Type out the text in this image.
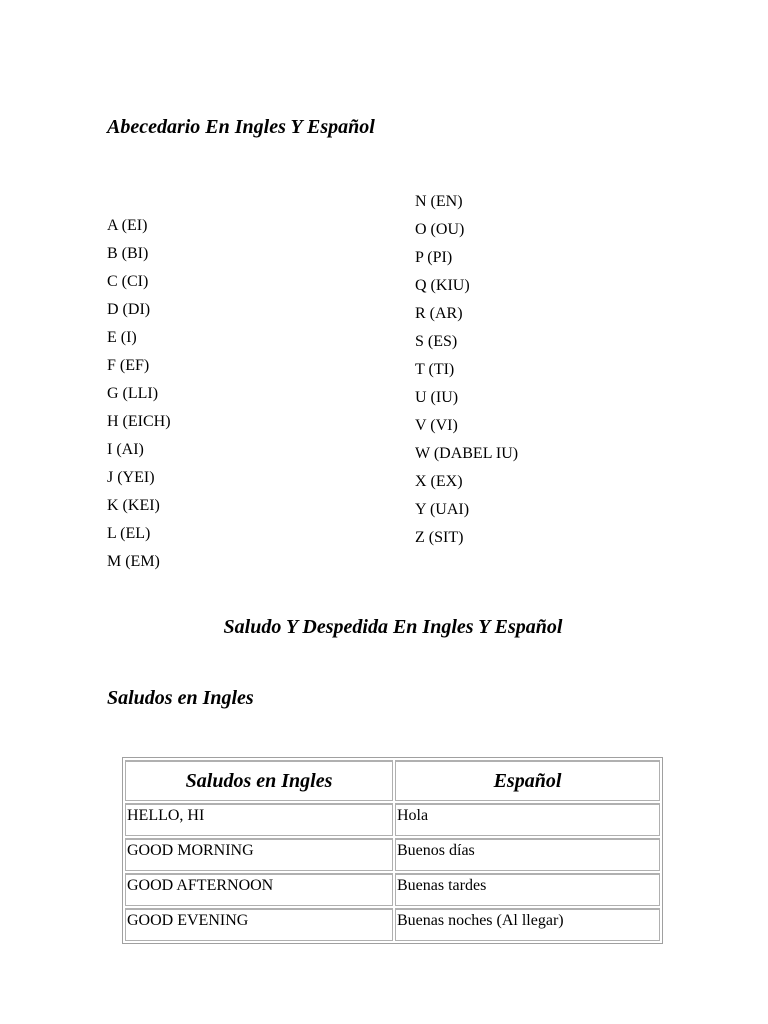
Abecedario En Ingles Y Español
A (EI)
B (BI)
C (CI)
D (DI)
E (I)
F (EF)
G (LLI)
H (EICH)
I (AI)
J (YEI)
K (KEI)
L (EL)
M (EM)
N (EN)
O (OU)
P (PI)
Q (KIU)
R (AR)
S (ES)
T (TI)
U (IU)
V (VI)
W (DABEL IU)
X (EX)
Y (UAI)
Z (SIT)
Saludo Y Despedida En Ingles Y Español
Saludos en Ingles
Saludos en Ingles	Español
HELLO, HI	Hola
GOOD MORNING	Buenos días
GOOD AFTERNOON	Buenas tardes
GOOD EVENING	Buenas noches (Al llegar)
